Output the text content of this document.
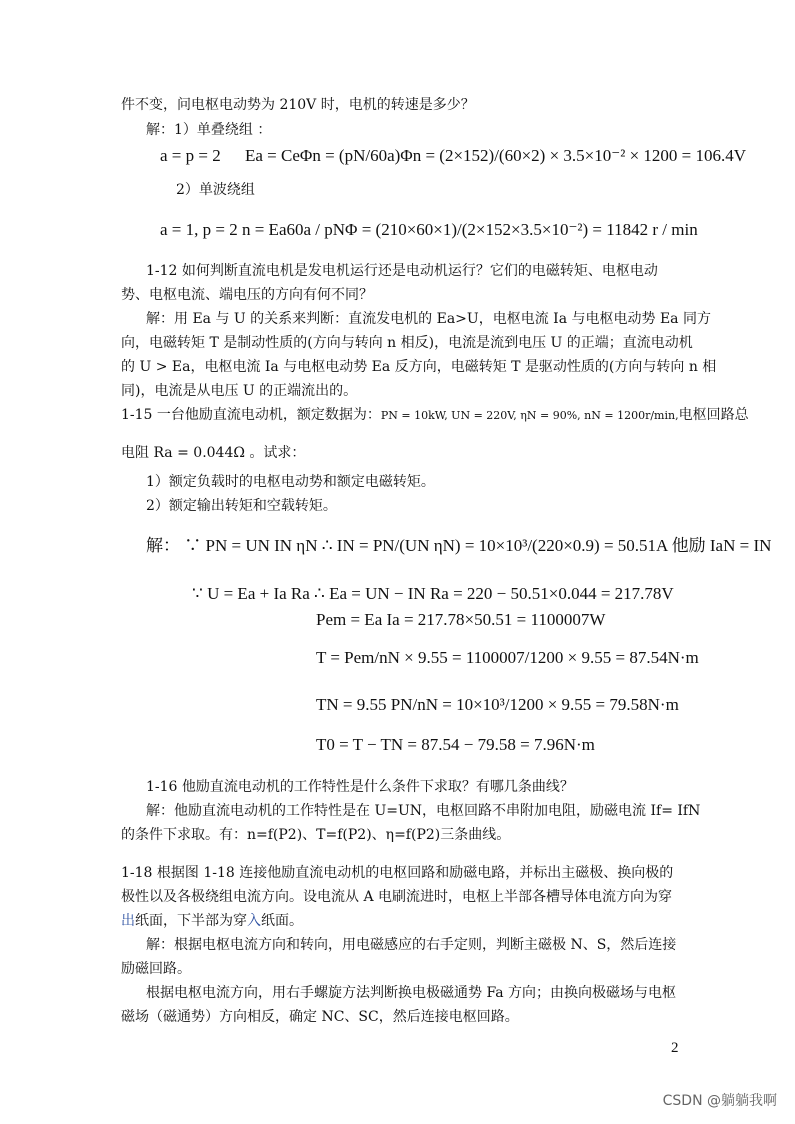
件不变，问电枢电动势为 210V 时，电机的转速是多少？
解：1）单叠绕组 ：
a = p = 2 Ea = CeΦn = (pN/60a)Φn = (2×152)/(60×2) × 3.5×10⁻² × 1200 = 106.4V
2）单波绕组
a = 1, p = 2 n = Ea60a / pNΦ = (210×60×1)/(2×152×3.5×10⁻²) = 11842 r / min
1-12 如何判断直流电机是发电机运行还是电动机运行？它们的电磁转矩、电枢电动
势、电枢电流、端电压的方向有何不同？
解：用 Ea 与 U 的关系来判断：直流发电机的 Ea>U，电枢电流 Ia 与电枢电动势 Ea 同方
向，电磁转矩 T 是制动性质的(方向与转向 n 相反)，电流是流到电压 U 的正端；直流电动机
的 U > Ea，电枢电流 Ia 与电枢电动势 Ea 反方向，电磁转矩 T 是驱动性质的(方向与转向 n 相
同)，电流是从电压 U 的正端流出的。
1-15 一台他励直流电动机，额定数据为：PN = 10kW, UN = 220V, ηN = 90%, nN = 1200r/min,电枢回路总
电阻 Ra = 0.044Ω 。试求：
1）额定负载时的电枢电动势和额定电磁转矩。
2）额定输出转矩和空载转矩。
解： ∵ PN = UN IN ηN ∴ IN = PN/(UN ηN) = 10×10³/(220×0.9) = 50.51A 他励 IaN = IN
∵ U = Ea + Ia Ra ∴ Ea = UN − IN Ra = 220 − 50.51×0.044 = 217.78V
Pem = Ea Ia = 217.78×50.51 = 1100007W
T = Pem/nN × 9.55 = 1100007/1200 × 9.55 = 87.54N·m
TN = 9.55 PN/nN = 10×10³/1200 × 9.55 = 79.58N·m
T0 = T − TN = 87.54 − 79.58 = 7.96N·m
1-16 他励直流电动机的工作特性是什么条件下求取？有哪几条曲线？
解：他励直流电动机的工作特性是在 U=UN，电枢回路不串附加电阻，励磁电流 If= IfN
的条件下求取。有：n=f(P2)、T=f(P2)、η=f(P2)三条曲线。
1-18 根据图 1-18 连接他励直流电动机的电枢回路和励磁电路，并标出主磁极、换向极的
极性以及各极绕组电流方向。设电流从 A 电刷流进时，电枢上半部各槽导体电流方向为穿
出纸面，下半部为穿入纸面。
解：根据电枢电流方向和转向，用电磁感应的右手定则，判断主磁极 N、S，然后连接
励磁回路。
根据电枢电流方向，用右手螺旋方法判断换电极磁通势 Fa 方向；由换向极磁场与电枢
磁场（磁通势）方向相反，确定 NC、SC，然后连接电枢回路。
2
CSDN @躺躺我啊
